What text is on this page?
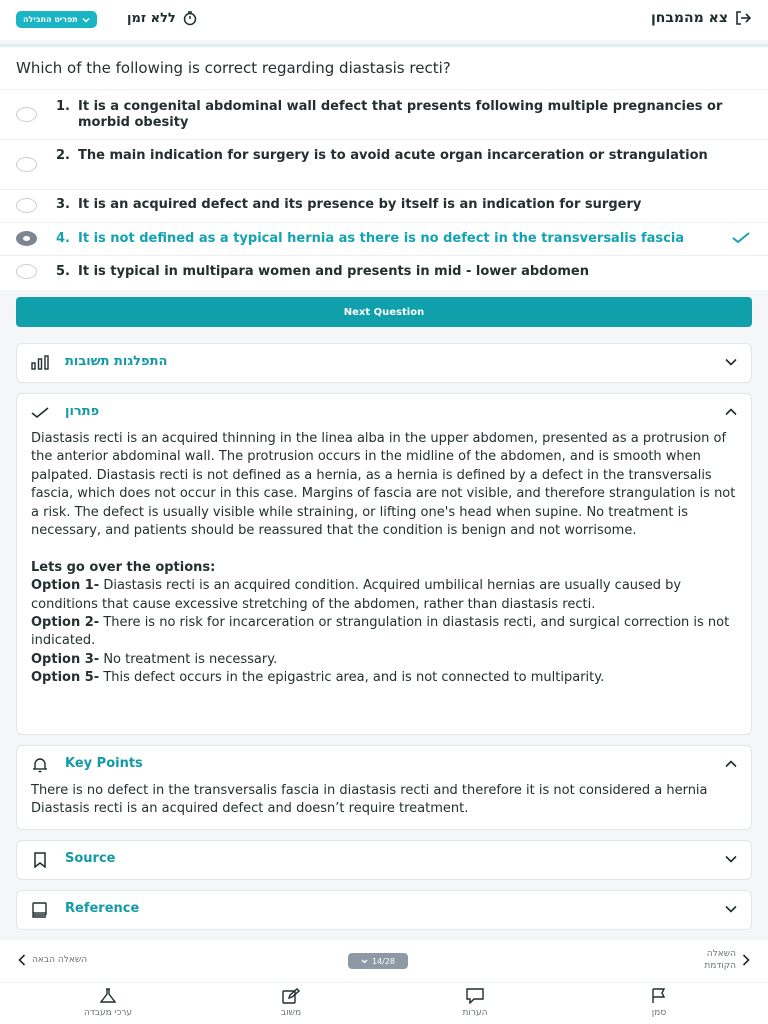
צא מהמבחן
ללא זמן
תפריט החבילה
Which of the following is correct regarding diastasis recti?
1. It is a congenital abdominal wall defect that presents following multiple pregnancies or morbid obesity
2. The main indication for surgery is to avoid acute organ incarceration or strangulation
3. It is an acquired defect and its presence by itself is an indication for surgery
4. It is not defined as a typical hernia as there is no defect in the transversalis fascia
5. It is typical in multipara women and presents in mid - lower abdomen
Next Question
התפלגות תשובות
פתרון

Diastasis recti is an acquired thinning in the linea alba in the upper abdomen, presented as a protrusion of the anterior abdominal wall. The protrusion occurs in the midline of the abdomen, and is smooth when palpated. Diastasis recti is not defined as a hernia, as a hernia is defined by a defect in the transversalis fascia, which does not occur in this case. Margins of fascia are not visible, and therefore strangulation is not a risk. The defect is usually visible while straining, or lifting one's head when supine. No treatment is necessary, and patients should be reassured that the condition is benign and not worrisome.

Lets go over the options:

Option 1- Diastasis recti is an acquired condition. Acquired umbilical hernias are usually caused by conditions that cause excessive stretching of the abdomen, rather than diastasis recti.

Option 2- There is no risk for incarceration or strangulation in diastasis recti, and surgical correction is not indicated.

Option 3- No treatment is necessary.

Option 5- This defect occurs in the epigastric area, and is not connected to multiparity.

Key Points
There is no defect in the transversalis fascia in diastasis recti and therefore it is not considered a hernia Diastasis recti is an acquired defect and doesn’t require treatment.
Source
Reference
השאלה הבאה	14/28
השאלה
הקודמת
ערכי מעבדה	משוב	הערות	סמן
